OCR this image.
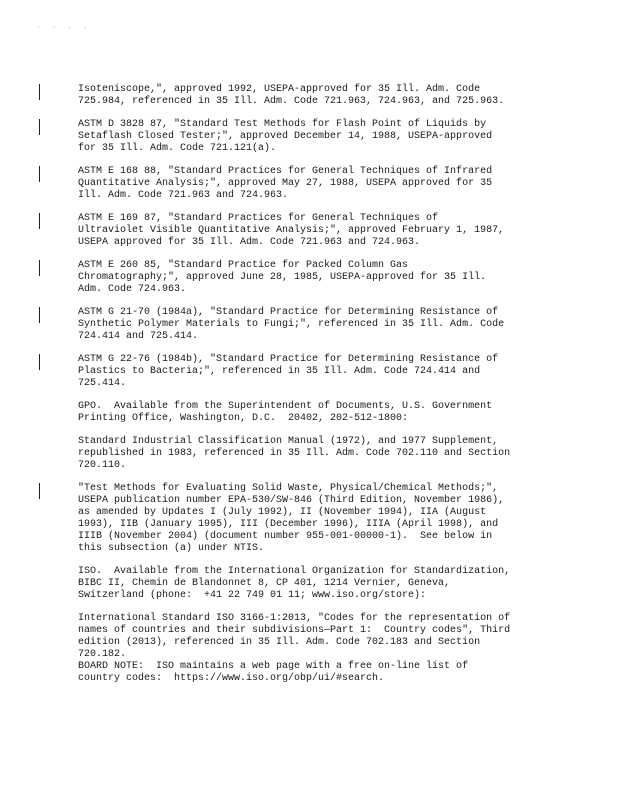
. . . .
Isoteniscope,", approved 1992, USEPA-approved for 35 Ill. Adm. Code
725.984, referenced in 35 Ill. Adm. Code 721.963, 724.963, and 725.963.
ASTM D 3828 87, "Standard Test Methods for Flash Point of Liquids by
Setaflash Closed Tester;", approved December 14, 1988, USEPA-approved
for 35 Ill. Adm. Code 721.121(a).
ASTM E 168 88, "Standard Practices for General Techniques of Infrared
Quantitative Analysis;", approved May 27, 1988, USEPA approved for 35
Ill. Adm. Code 721.963 and 724.963.
ASTM E 169 87, "Standard Practices for General Techniques of
Ultraviolet Visible Quantitative Analysis;", approved February 1, 1987,
USEPA approved for 35 Ill. Adm. Code 721.963 and 724.963.
ASTM E 260 85, "Standard Practice for Packed Column Gas
Chromatography;", approved June 28, 1985, USEPA-approved for 35 Ill.
Adm. Code 724.963.
ASTM G 21-70 (1984a), "Standard Practice for Determining Resistance of
Synthetic Polymer Materials to Fungi;", referenced in 35 Ill. Adm. Code
724.414 and 725.414.
ASTM G 22-76 (1984b), "Standard Practice for Determining Resistance of
Plastics to Bacteria;", referenced in 35 Ill. Adm. Code 724.414 and
725.414.
GPO.  Available from the Superintendent of Documents, U.S. Government
Printing Office, Washington, D.C.  20402, 202-512-1800:
Standard Industrial Classification Manual (1972), and 1977 Supplement,
republished in 1983, referenced in 35 Ill. Adm. Code 702.110 and Section
720.110.
"Test Methods for Evaluating Solid Waste, Physical/Chemical Methods;",
USEPA publication number EPA-530/SW-846 (Third Edition, November 1986),
as amended by Updates I (July 1992), II (November 1994), IIA (August
1993), IIB (January 1995), III (December 1996), IIIA (April 1998), and
IIIB (November 2004) (document number 955-001-00000-1).  See below in
this subsection (a) under NTIS.
ISO.  Available from the International Organization for Standardization,
BIBC II, Chemin de Blandonnet 8, CP 401, 1214 Vernier, Geneva,
Switzerland (phone:  +41 22 749 01 11; www.iso.org/store):
International Standard ISO 3166-1:2013, "Codes for the representation of
names of countries and their subdivisions—Part 1:  Country codes", Third
edition (2013), referenced in 35 Ill. Adm. Code 702.183 and Section
720.182.
BOARD NOTE:  ISO maintains a web page with a free on-line list of
country codes:  https://www.iso.org/obp/ui/#search.
